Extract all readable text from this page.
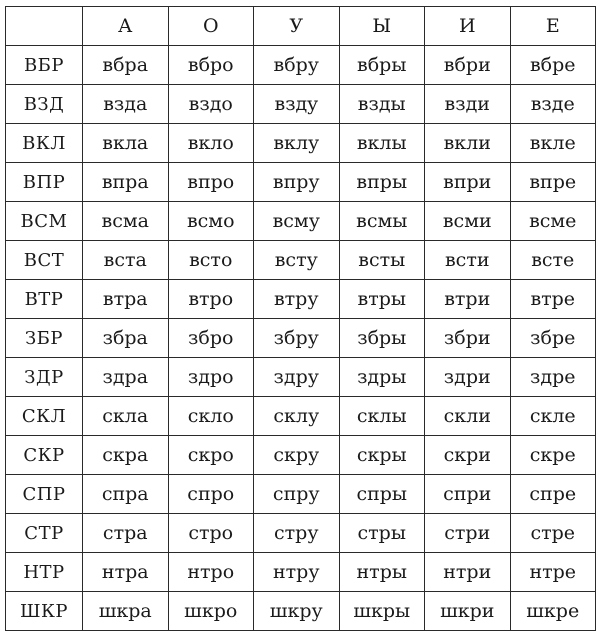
	А	О	У	Ы	И	Е
ВБР	вбра	вбро	вбру	вбры	вбри	вбре
ВЗД	взда	вздо	вздy	взды	взди	взде
ВКЛ	вкла	вкло	вклу	вклы	вкли	вкле
ВПР	впра	впро	впру	впры	впри	впре
ВСМ	всма	всмо	всму	всмы	всми	всме
ВСТ	вста	всто	всту	вcты	вcти	всте
ВТР	втра	втро	втру	втры	втри	втре
ЗБР	збра	збро	збру	збры	збри	збре
ЗДР	здра	здро	здру	здры	здри	здре
СКЛ	скла	скло	склу	склы	скли	скле
СКР	скра	скро	скру	скры	скри	скре
СПР	спра	спро	спру	спры	спри	спре
СТР	стра	стро	стру	стры	стри	стре
НТР	нтра	нтро	нтру	нтры	нтри	нтре
ШКР	шкра	шкро	шкру	шкры	шкри	шкре
